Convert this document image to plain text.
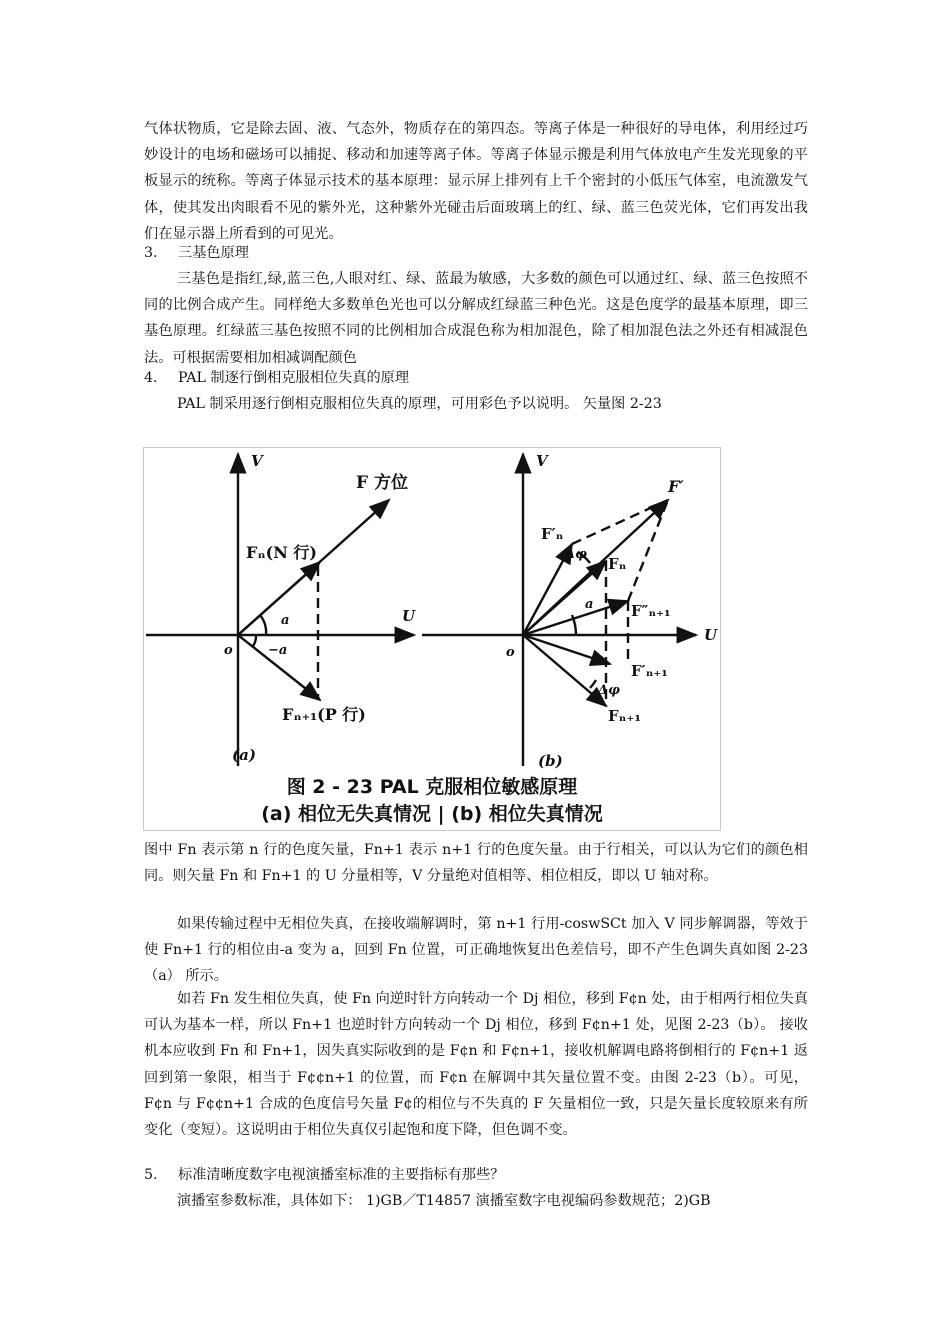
气体状物质，它是除去固、液、气态外，物质存在的第四态。等离子体是一种很好的导电体，利用经过巧妙设计的电场和磁场可以捕捉、移动和加速等离子体。等离子体显示搬是利用气体放电产生发光现象的平板显示的统称。等离子体显示技术的基本原理：显示屏上排列有上千个密封的小低压气体室，电流激发气体，使其发出肉眼看不见的紫外光，这种紫外光碰击后面玻璃上的红、绿、蓝三色荧光体，它们再发出我们在显示器上所看到的可见光。
3. 三基色原理
三基色是指红,绿,蓝三色,人眼对红、绿、蓝最为敏感，大多数的颜色可以通过红、绿、蓝三色按照不同的比例合成产生。同样绝大多数单色光也可以分解成红绿蓝三种色光。这是色度学的最基本原理，即三基色原理。红绿蓝三基色按照不同的比例相加合成混色称为相加混色，除了相加混色法之外还有相减混色法。可根据需要相加相减调配颜色
4. PAL 制逐行倒相克服相位失真的原理
PAL 制采用逐行倒相克服相位失真的原理，可用彩色予以说明。 矢量图 2-23
V
U
o
F 方位
Fₙ(N 行)
Fₙ₊₁(P 行)
a
−a
(a)
V
U
o
F′
F′ₙ
Δφ
Fₙ
a	F″ₙ₊₁
F′ₙ₊₁
Δφ
Fₙ₊₁
(b)
图 2 - 23 PAL 克服相位敏感原理
(a) 相位无失真情况 | (b) 相位失真情况
图中 Fn 表示第 n 行的色度矢量，Fn+1 表示 n+1 行的色度矢量。由于行相关，可以认为它们的颜色相同。则矢量 Fn 和 Fn+1 的 U 分量相等，V 分量绝对值相等、相位相反，即以 U 轴对称。
如果传输过程中无相位失真，在接收端解调时，第 n+1 行用-coswSCt 加入 V 同步解调器，等效于使 Fn+1 行的相位由-a 变为 a，回到 Fn 位置，可正确地恢复出色差信号，即不产生色调失真如图 2-23（a） 所示。
如若 Fn 发生相位失真，使 Fn 向逆时针方向转动一个 Dj 相位，移到 F¢n 处，由于相两行相位失真可认为基本一样，所以 Fn+1 也逆时针方向转动一个 Dj 相位，移到 F¢n+1 处，见图 2-23（b）。 接收机本应收到 Fn 和 Fn+1，因失真实际收到的是 F¢n 和 F¢n+1，接收机解调电路将倒相行的 F¢n+1 返回到第一象限，相当于 F¢¢n+1 的位置，而 F¢n 在解调中其矢量位置不变。由图 2-23（b）。可见，F¢n 与 F¢¢n+1 合成的色度信号矢量 F¢的相位与不失真的 F 矢量相位一致，只是矢量长度较原来有所变化（变短）。这说明由于相位失真仅引起饱和度下降，但色调不变。
5. 标准清晰度数字电视演播室标准的主要指标有那些？
演播室参数标准，具体如下： 1)GB／T14857 演播室数字电视编码参数规范；2)GB
